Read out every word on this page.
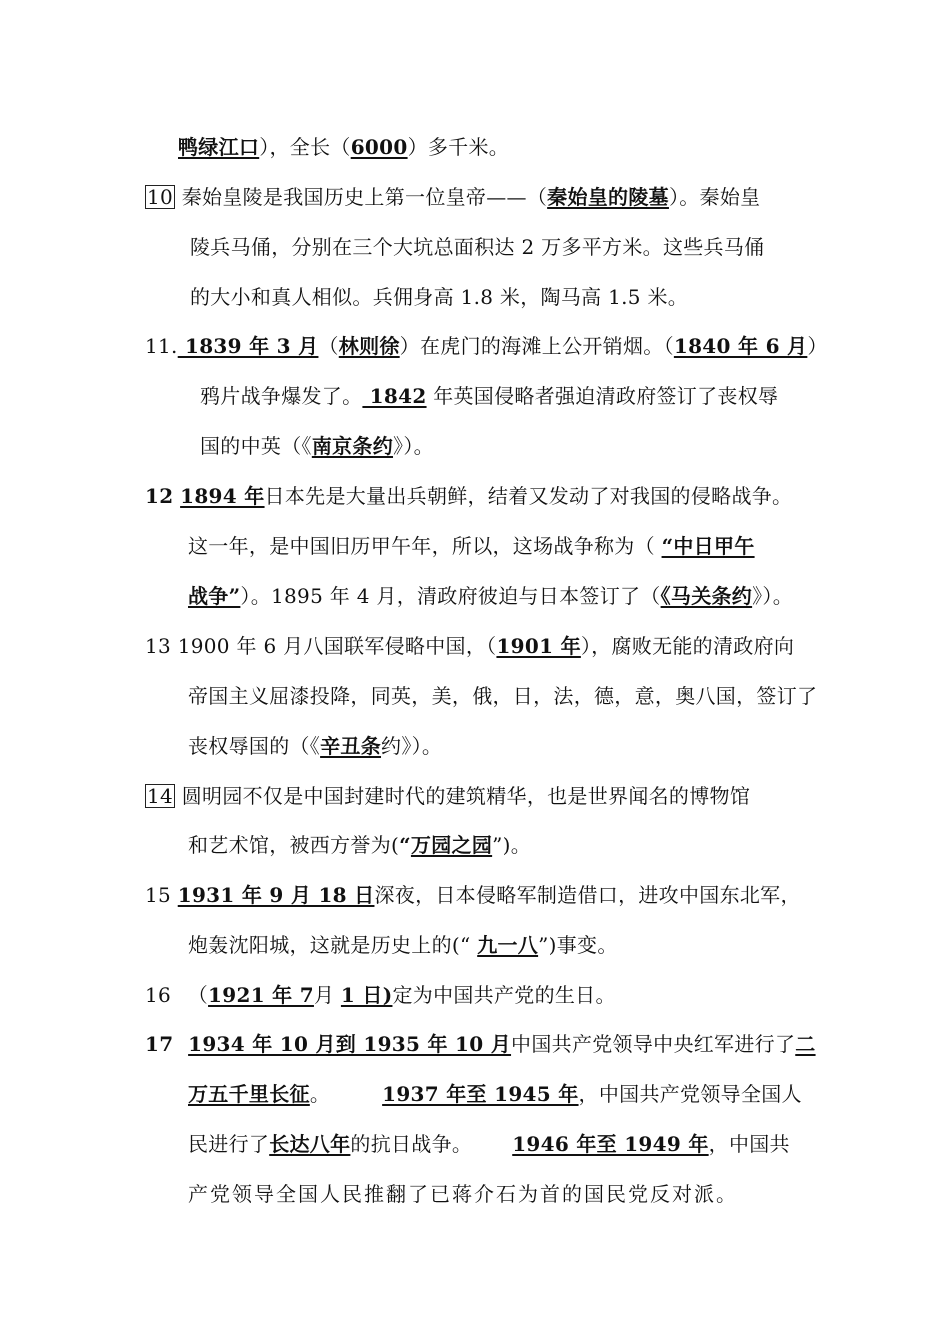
鸭绿江口），全长（6000）多千米。
10 秦始皇陵是我国历史上第一位皇帝——（秦始皇的陵墓）。秦始皇
陵兵马俑，分别在三个大坑总面积达 2 万多平方米。这些兵马俑
的大小和真人相似。兵佣身高 1.8 米，陶马高 1.5 米。
11. 1839 年 3 月（林则徐）在虎门的海滩上公开销烟。（1840 年 6 月）
鸦片战争爆发了。 1842 年英国侵略者强迫清政府签订了丧权辱
国的中英（《南京条约》）。
12 1894 年日本先是大量出兵朝鲜，结着又发动了对我国的侵略战争。
这一年，是中国旧历甲午年，所以，这场战争称为（ “中日甲午
战争”）。1895 年 4 月，清政府彼迫与日本签订了（《马关条约》）。
13 1900 年 6 月八国联军侵略中国，（1901 年），腐败无能的清政府向
帝国主义屈漆投降，同英，美，俄，日，法，德，意，奥八国，签订了
丧权辱国的（《辛丑条约》）。
14 圆明园不仅是中国封建时代的建筑精华，也是世界闻名的博物馆
和艺术馆，被西方誉为(“万园之园”)。
15 1931 年 9 月 18 日深夜，日本侵略军制造借口，进攻中国东北军，
炮轰沈阳城，这就是历史上的(“ 九一八”)事变。
16 （1921 年 7月 1 日)定为中国共产党的生日。
17 1934 年 10 月到 1935 年 10 月中国共产党领导中央红军进行了二
万五千里长征。	1937 年至 1945 年，中国共产党领导全国人
民进行了长达八年的抗日战争。 1946 年至 1949 年，中国共
产党领导全国人民推翻了已蒋介石为首的国民党反对派。
